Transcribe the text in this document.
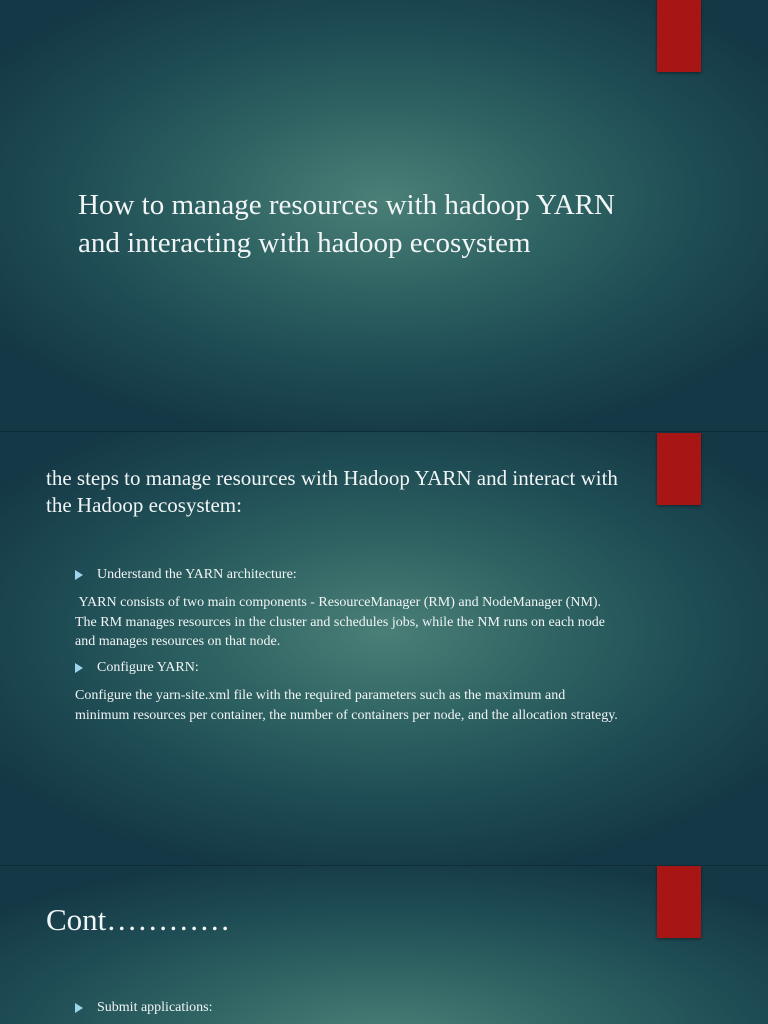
How to manage resources with hadoop YARN and interacting with hadoop ecosystem
the steps to manage resources with Hadoop YARN and interact with the Hadoop ecosystem:
Understand the YARN architecture:

YARN consists of two main components - ResourceManager (RM) and NodeManager (NM). The RM manages resources in the cluster and schedules jobs, while the NM runs on each node and manages resources on that node.

Configure YARN:

Configure the yarn-site.xml file with the required parameters such as the maximum and minimum resources per container, the number of containers per node, and the allocation strategy.

Cont…………
Submit applications:
